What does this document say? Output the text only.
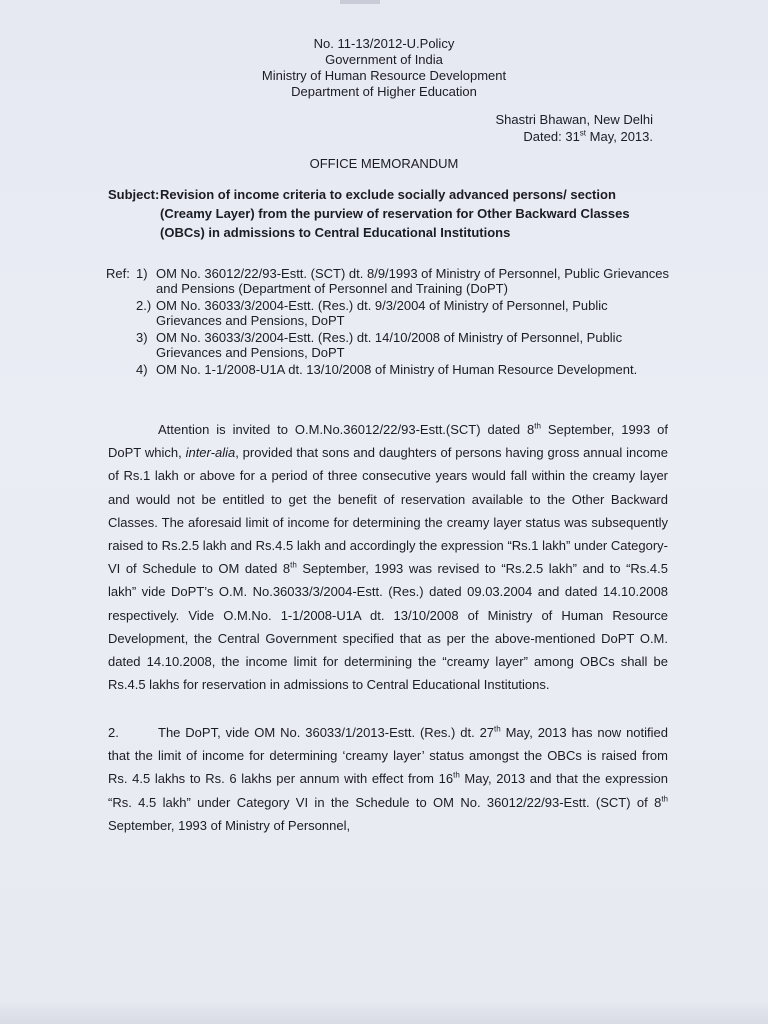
No. 11-13/2012-U.Policy
Government of India
Ministry of Human Resource Development
Department of Higher Education
Shastri Bhawan, New Delhi
Dated: 31st May, 2013.
OFFICE MEMORANDUM
Subject: Revision of income criteria to exclude socially advanced persons/ section (Creamy Layer) from the purview of reservation for Other Backward Classes (OBCs) in admissions to Central Educational Institutions
Ref: 1) OM No. 36012/22/93-Estt. (SCT) dt. 8/9/1993 of Ministry of Personnel, Public Grievances and Pensions (Department of Personnel and Training (DoPT)
2.) OM No. 36033/3/2004-Estt. (Res.) dt. 9/3/2004 of Ministry of Personnel, Public Grievances and Pensions, DoPT
3) OM No. 36033/3/2004-Estt. (Res.) dt. 14/10/2008 of Ministry of Personnel, Public Grievances and Pensions, DoPT
4) OM No. 1-1/2008-U1A dt. 13/10/2008 of Ministry of Human Resource Development.
Attention is invited to O.M.No.36012/22/93-Estt.(SCT) dated 8th September, 1993 of DoPT which, inter-alia, provided that sons and daughters of persons having gross annual income of Rs.1 lakh or above for a period of three consecutive years would fall within the creamy layer and would not be entitled to get the benefit of reservation available to the Other Backward Classes. The aforesaid limit of income for determining the creamy layer status was subsequently raised to Rs.2.5 lakh and Rs.4.5 lakh and accordingly the expression “Rs.1 lakh” under Category-VI of Schedule to OM dated 8th September, 1993 was revised to “Rs.2.5 lakh” and to “Rs.4.5 lakh” vide DoPT’s O.M. No.36033/3/2004-Estt. (Res.) dated 09.03.2004 and dated 14.10.2008 respectively. Vide O.M.No. 1-1/2008-U1A dt. 13/10/2008 of Ministry of Human Resource Development, the Central Government specified that as per the above-mentioned DoPT O.M. dated 14.10.2008, the income limit for determining the “creamy layer” among OBCs shall be Rs.4.5 lakhs for reservation in admissions to Central Educational Institutions.
2.	The DoPT, vide OM No. 36033/1/2013-Estt. (Res.) dt. 27th May, 2013 has now notified that the limit of income for determining ‘creamy layer’ status amongst the OBCs is raised from Rs. 4.5 lakhs to Rs. 6 lakhs per annum with effect from 16th May, 2013 and that the expression “Rs. 4.5 lakh” under Category VI in the Schedule to OM No. 36012/22/93-Estt. (SCT) of 8th September, 1993 of Ministry of Personnel,
